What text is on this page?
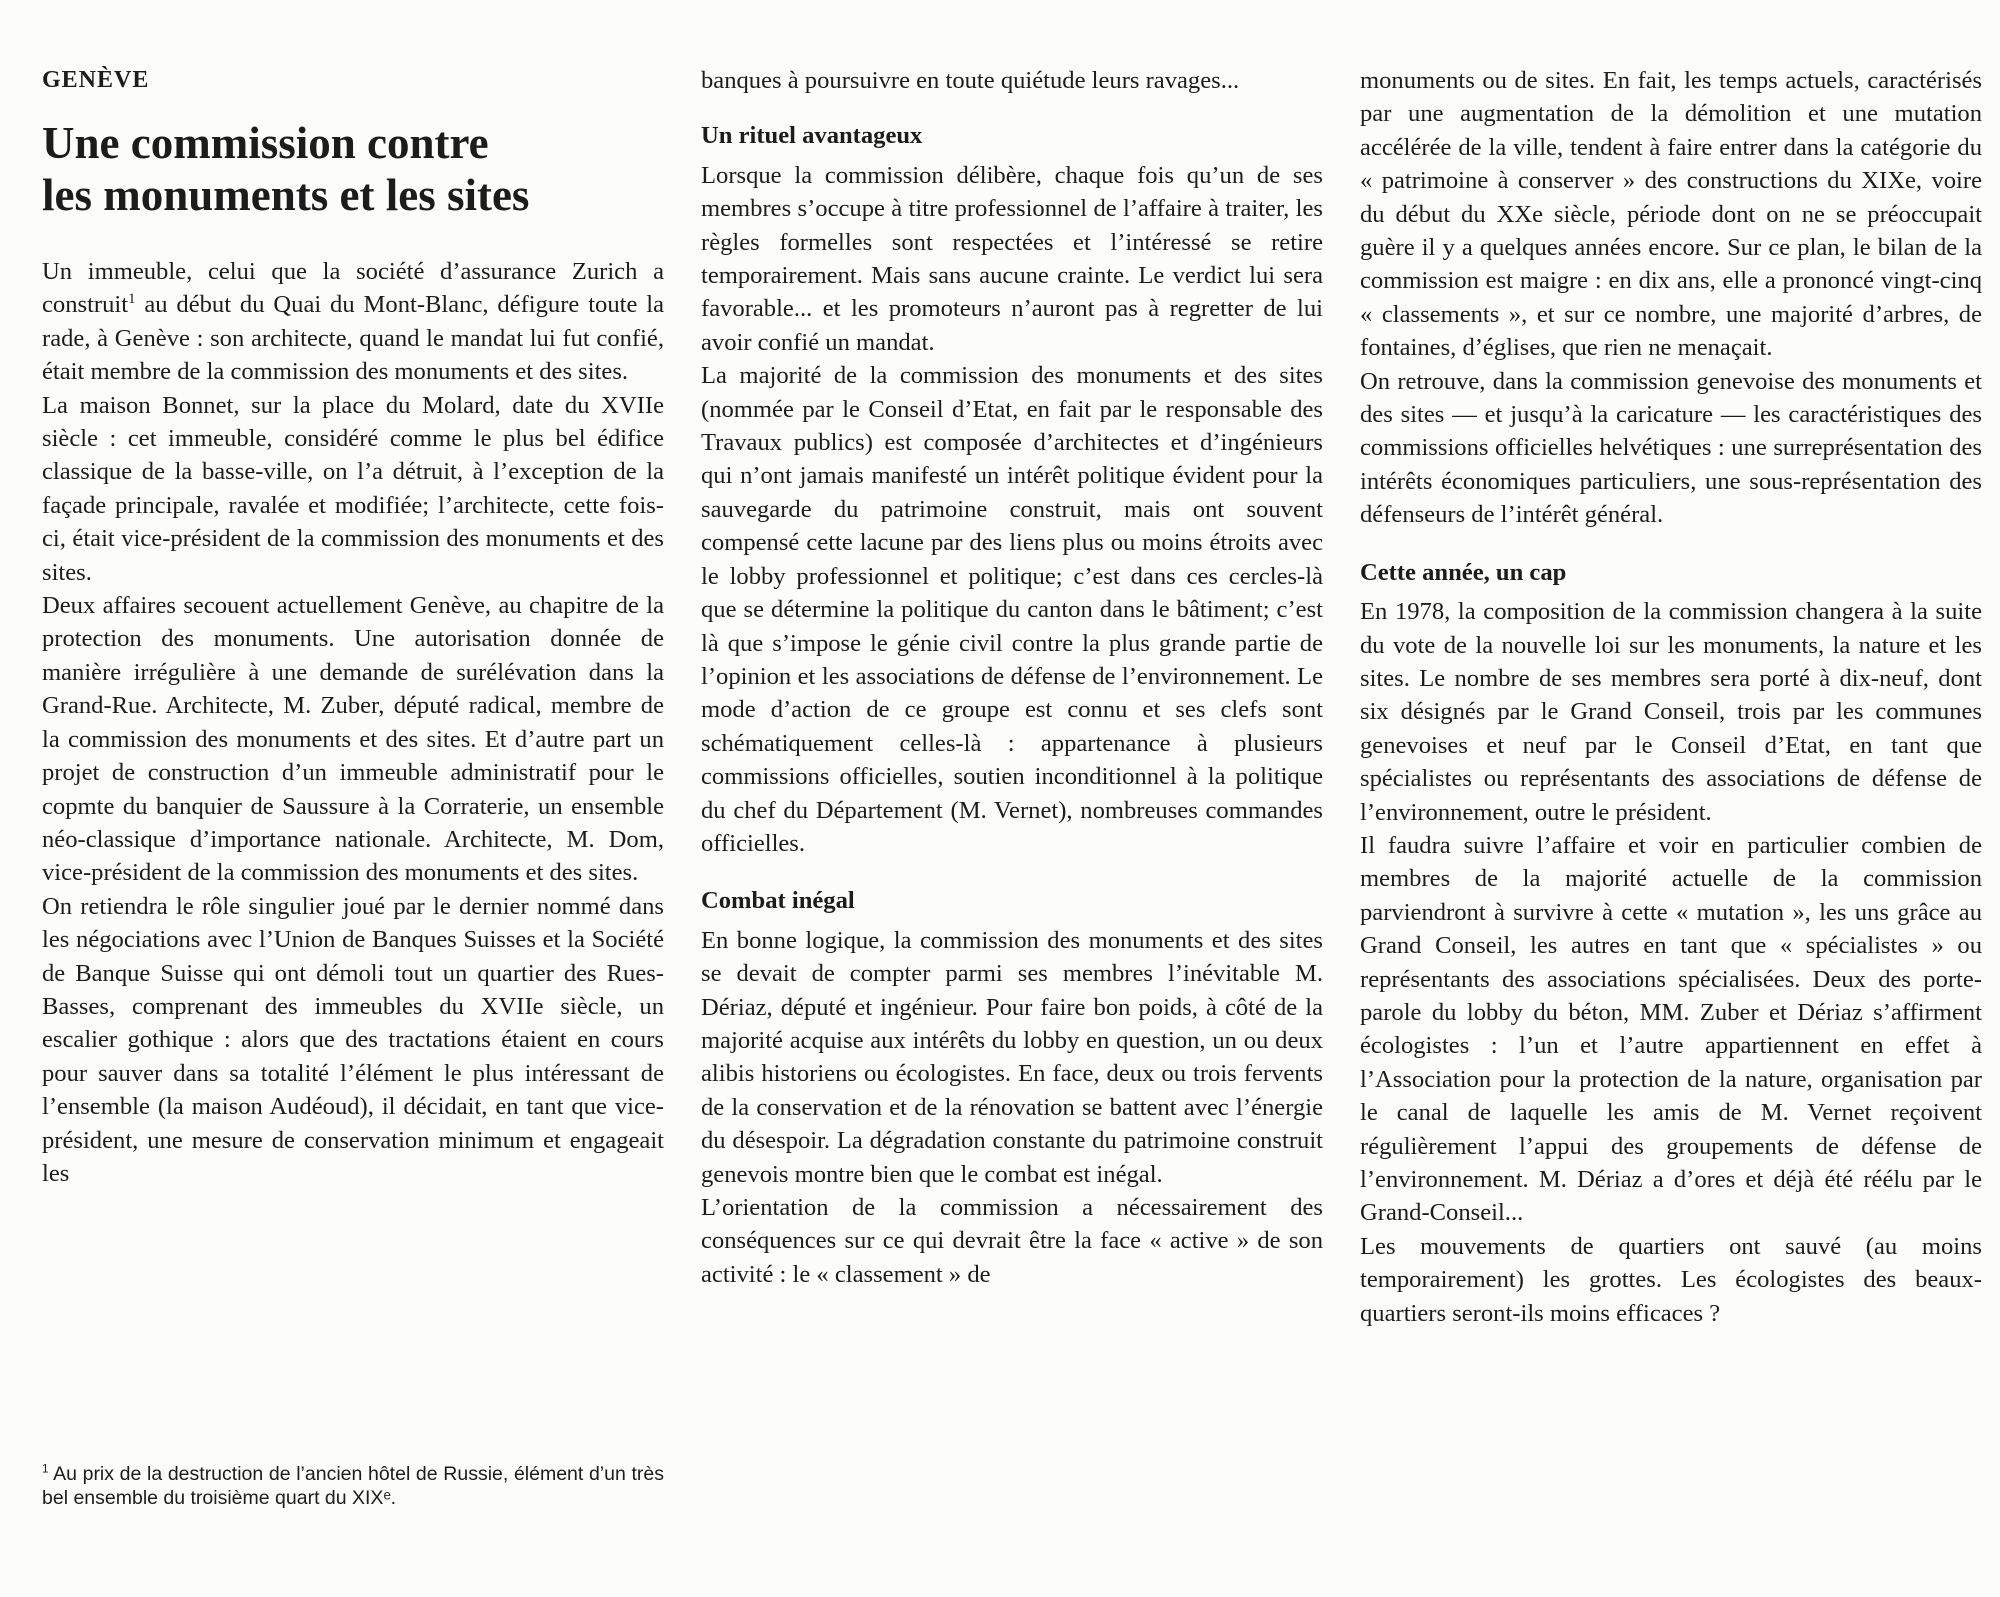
GENÈVE
Une commission contre
les monuments et les sites

Un immeuble, celui que la société d’assurance Zurich a construit$^1$ au début du Quai du Mont-Blanc, défigure toute la rade, à Genève : son architecte, quand le mandat lui fut confié, était membre de la commission des monuments et des sites.

La maison Bonnet, sur la place du Molard, date du XVIIe siècle : cet immeuble, considéré comme le plus bel édifice classique de la basse-ville, on l’a détruit, à l’exception de la façade principale, ravalée et modifiée; l’architecte, cette fois-ci, était vice-président de la commission des monuments et des sites.

Deux affaires secouent actuellement Genève, au chapitre de la protection des monuments. Une autorisation donnée de manière irrégulière à une demande de surélévation dans la Grand-Rue. Architecte, M. Zuber, député radical, membre de la commission des monuments et des sites. Et d’autre part un projet de construction d’un immeuble administratif pour le copmte du banquier de Saussure à la Corraterie, un ensemble néo-classique d’importance nationale. Architecte, M. Dom, vice-président de la commission des monuments et des sites.

On retiendra le rôle singulier joué par le dernier nommé dans les négociations avec l’Union de Banques Suisses et la Société de Banque Suisse qui ont démoli tout un quartier des Rues-Basses, comprenant des immeubles du XVIIe siècle, un escalier gothique : alors que des tractations étaient en cours pour sauver dans sa totalité l’élément le plus intéressant de l’ensemble (la maison Audéoud), il décidait, en tant que vice-président, une mesure de conservation minimum et engageait les

$^1$ Au prix de la destruction de l’ancien hôtel de Russie, élément d’un très bel ensemble du troisième quart du XIXᵉ.

banques à poursuivre en toute quiétude leurs ravages...

Un rituel avantageux

Lorsque la commission délibère, chaque fois qu’un de ses membres s’occupe à titre professionnel de l’affaire à traiter, les règles formelles sont respectées et l’intéressé se retire temporairement. Mais sans aucune crainte. Le verdict lui sera favorable... et les promoteurs n’auront pas à regretter de lui avoir confié un mandat.

La majorité de la commission des monuments et des sites (nommée par le Conseil d’Etat, en fait par le responsable des Travaux publics) est composée d’architectes et d’ingénieurs qui n’ont jamais manifesté un intérêt politique évident pour la sauvegarde du patrimoine construit, mais ont souvent compensé cette lacune par des liens plus ou moins étroits avec le lobby professionnel et politique; c’est dans ces cercles-là que se détermine la politique du canton dans le bâtiment; c’est là que s’impose le génie civil contre la plus grande partie de l’opinion et les associations de défense de l’environnement. Le mode d’action de ce groupe est connu et ses clefs sont schématiquement celles-là : appartenance à plusieurs commissions officielles, soutien inconditionnel à la politique du chef du Département (M. Vernet), nombreuses commandes officielles.

Combat inégal

En bonne logique, la commission des monuments et des sites se devait de compter parmi ses membres l’inévitable M. Dériaz, député et ingénieur. Pour faire bon poids, à côté de la majorité acquise aux intérêts du lobby en question, un ou deux alibis historiens ou écologistes. En face, deux ou trois fervents de la conservation et de la rénovation se battent avec l’énergie du désespoir. La dégradation constante du patrimoine construit genevois montre bien que le combat est inégal.

L’orientation de la commission a nécessairement des conséquences sur ce qui devrait être la face « active » de son activité : le « classement » de

monuments ou de sites. En fait, les temps actuels, caractérisés par une augmentation de la démolition et une mutation accélérée de la ville, tendent à faire entrer dans la catégorie du « patrimoine à conserver » des constructions du XIXe, voire du début du XXe siècle, période dont on ne se préoccupait guère il y a quelques années encore. Sur ce plan, le bilan de la commission est maigre : en dix ans, elle a prononcé vingt-cinq « classements », et sur ce nombre, une majorité d’arbres, de fontaines, d’églises, que rien ne menaçait.

On retrouve, dans la commission genevoise des monuments et des sites — et jusqu’à la caricature — les caractéristiques des commissions officielles helvétiques : une surreprésentation des intérêts économiques particuliers, une sous-représentation des défenseurs de l’intérêt général.

Cette année, un cap

En 1978, la composition de la commission changera à la suite du vote de la nouvelle loi sur les monuments, la nature et les sites. Le nombre de ses membres sera porté à dix-neuf, dont six désignés par le Grand Conseil, trois par les communes genevoises et neuf par le Conseil d’Etat, en tant que spécialistes ou représentants des associations de défense de l’environnement, outre le président.

Il faudra suivre l’affaire et voir en particulier combien de membres de la majorité actuelle de la commission parviendront à survivre à cette « mutation », les uns grâce au Grand Conseil, les autres en tant que « spécialistes » ou représentants des associations spécialisées. Deux des porte-parole du lobby du béton, MM. Zuber et Dériaz s’affirment écologistes : l’un et l’autre appartiennent en effet à l’Association pour la protection de la nature, organisation par le canal de laquelle les amis de M. Vernet reçoivent régulièrement l’appui des groupements de défense de l’environnement. M. Dériaz a d’ores et déjà été réélu par le Grand-Conseil...

Les mouvements de quartiers ont sauvé (au moins temporairement) les grottes. Les écologistes des beaux-quartiers seront-ils moins efficaces ?
